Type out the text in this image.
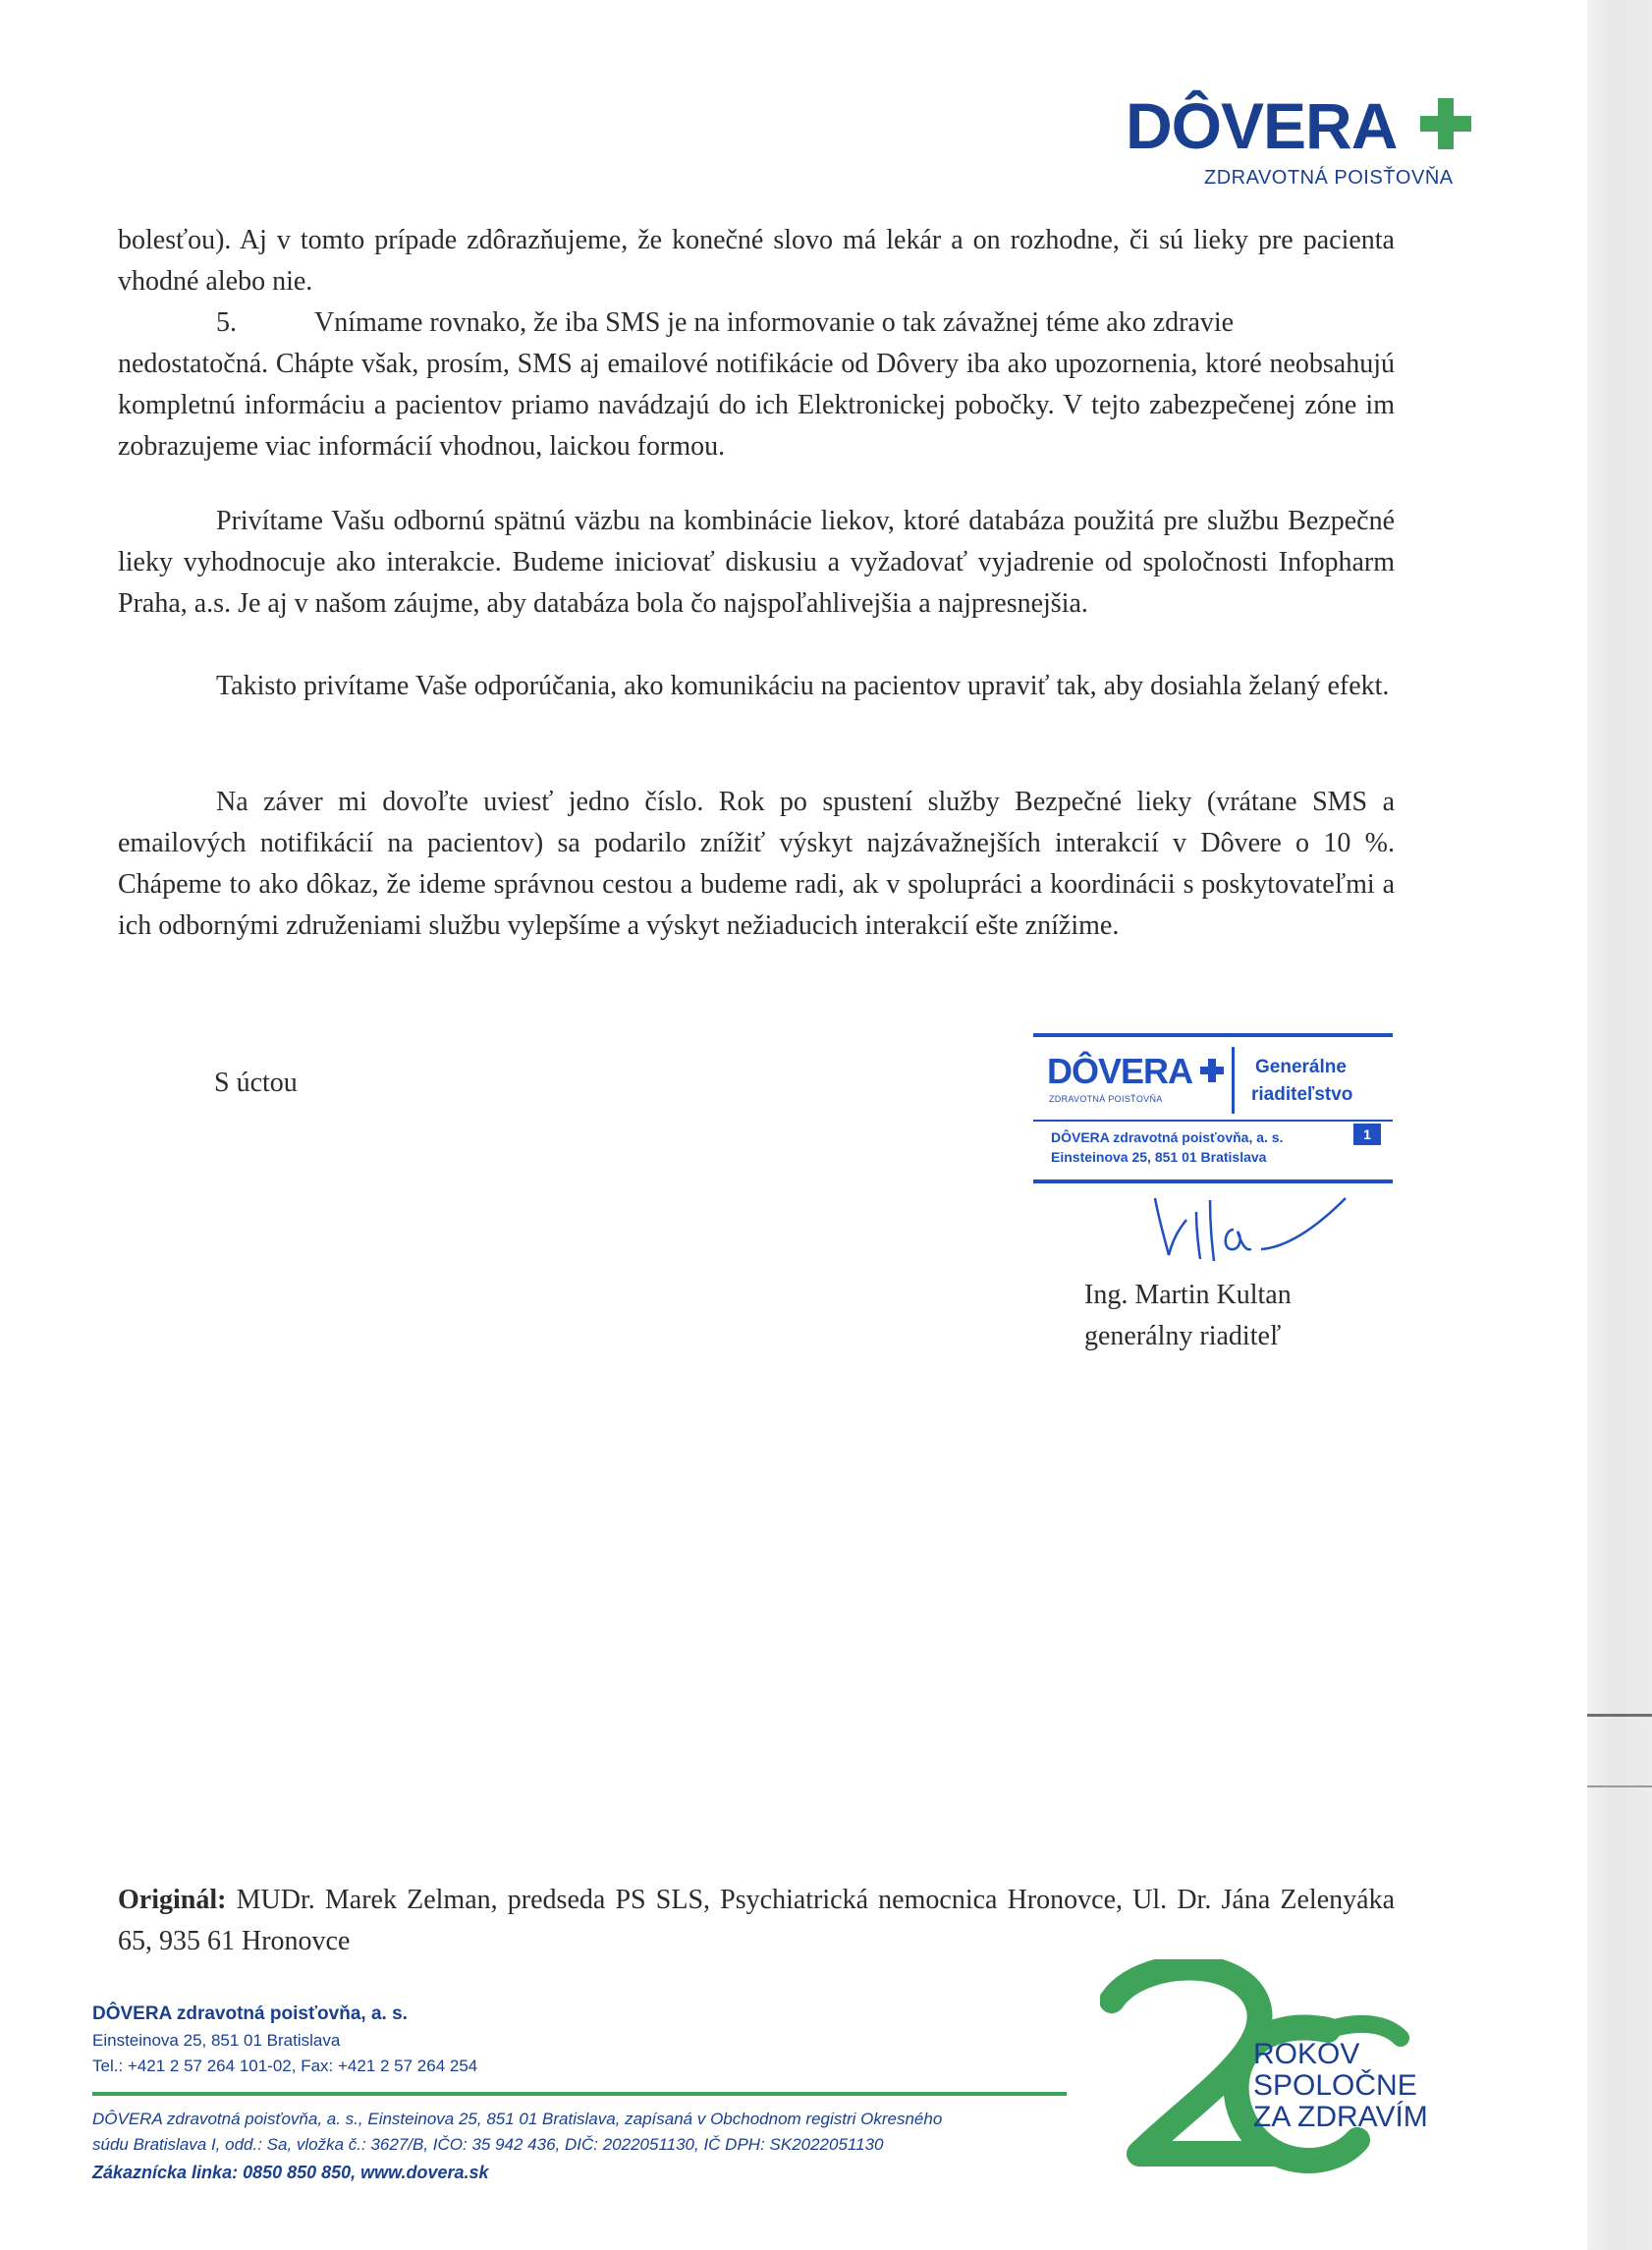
DÔVERA
ZDRAVOTNÁ POISŤOVŇA

bolesťou). Aj v tomto prípade zdôrazňujeme, že konečné slovo má lekár a on rozhodne, či sú lieky pre pacienta vhodné alebo nie.

5.	Vnímame rovnako, že iba SMS je na informovanie o tak závažnej téme ako zdravie

nedostatočná. Chápte však, prosím, SMS aj emailové notifikácie od Dôvery iba ako upozornenia, ktoré neobsahujú kompletnú informáciu a pacientov priamo navádzajú do ich Elektronickej pobočky. V tejto zabezpečenej zóne im zobrazujeme viac informácií vhodnou, laickou formou.

Privítame Vašu odbornú spätnú väzbu na kombinácie liekov, ktoré databáza použitá pre službu Bezpečné lieky vyhodnocuje ako interakcie. Budeme iniciovať diskusiu a vyžadovať vyjadrenie od spoločnosti Infopharm Praha, a.s. Je aj v našom záujme, aby databáza bola čo najspoľahlivejšia a najpresnejšia.

Takisto privítame Vaše odporúčania, ako komunikáciu na pacientov upraviť tak, aby dosiahla želaný efekt.

Na záver mi dovoľte uviesť jedno číslo. Rok po spustení služby Bezpečné lieky (vrátane SMS a emailových notifikácií na pacientov) sa podarilo znížiť výskyt najzávažnejších interakcií v Dôvere o 10 %. Chápeme to ako dôkaz, že ideme správnou cestou a budeme radi, ak v spolupráci a koordinácii s poskytovateľmi a ich odbornými združeniami službu vylepšíme a výskyt nežiaducich interakcií ešte znížime.

S úctou	DÔVERA
ZDRAVOTNÁ POISŤOVŇA
Generálne
riaditeľstvo
DÔVERA zdravotná poisťovňa, a. s.
Einsteinova 25, 851 01 Bratislava
1
Ing. Martin Kultan
generálny riaditeľ
Originál: MUDr. Marek Zelman, predseda PS SLS, Psychiatrická nemocnica Hronovce, Ul. Dr. Jána Zelenyáka 65, 935 61 Hronovce
DÔVERA zdravotná poisťovňa, a. s.
Einsteinova 25, 851 01 Bratislava
Tel.: +421 2 57 264 101-02, Fax: +421 2 57 264 254
DÔVERA zdravotná poisťovňa, a. s., Einsteinova 25, 851 01 Bratislava, zapísaná v Obchodnom registri Okresného
súdu Bratislava I, odd.: Sa, vložka č.: 3627/B, IČO: 35 942 436, DIČ: 2022051130, IČ DPH: SK2022051130
Zákaznícka linka: 0850 850 850, www.dovera.sk
ROKOV
SPOLOČNE
ZA ZDRAVÍM
